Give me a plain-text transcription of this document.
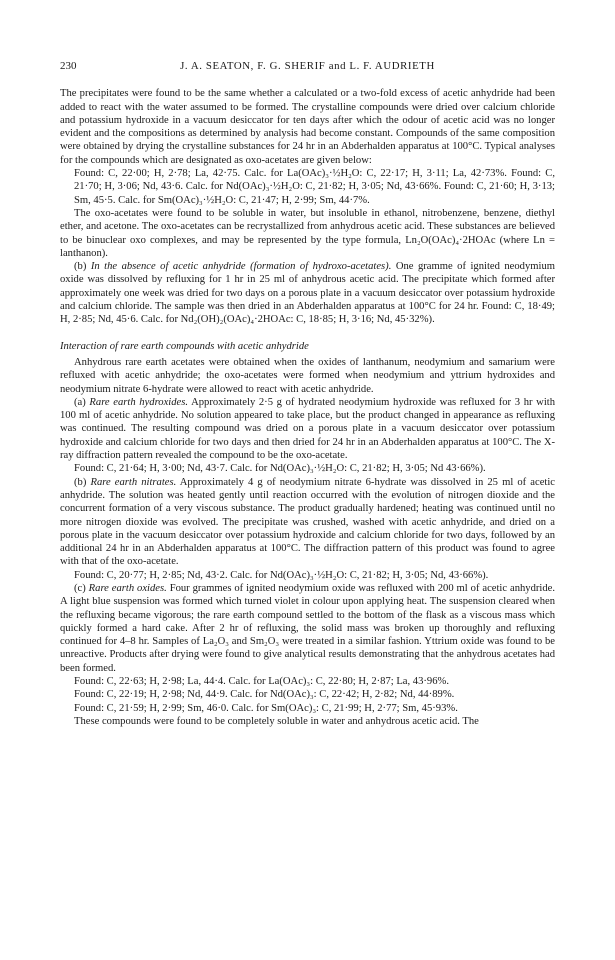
230	J. A. SEATON, F. G. SHERIF and L. F. AUDRIETH

The precipitates were found to be the same whether a calculated or a two-fold excess of acetic anhydride had been added to react with the water assumed to be formed. The crystalline compounds were dried over calcium chloride and potassium hydroxide in a vacuum desiccator for ten days after which the odour of acetic acid was no longer evident and the compositions as determined by analysis had become constant. Compounds of the same composition were obtained by drying the crystalline substances for 24 hr in an Abderhalden apparatus at 100°C. Typical analyses for the compounds which are designated as oxo-acetates are given below:

Found: C, 22·00; H, 2·78; La, 42·75. Calc. for La(OAc)₃·½H₂O: C, 22·17; H, 3·11; La, 42·73%. Found: C, 21·70; H, 3·06; Nd, 43·6. Calc. for Nd(OAc)₃·½H₂O: C, 21·82; H, 3·05; Nd, 43·66%. Found: C, 21·60; H, 3·13; Sm, 45·5. Calc. for Sm(OAc)₃·½H₂O: C, 21·47; H, 2·99; Sm, 44·7%.

The oxo-acetates were found to be soluble in water, but insoluble in ethanol, nitrobenzene, benzene, diethyl ether, and acetone. The oxo-acetates can be recrystallized from anhydrous acetic acid. These substances are believed to be binuclear oxo complexes, and may be represented by the type formula, Ln₂O(OAc)₄·2HOAc (where Ln = lanthanon).

(b) In the absence of acetic anhydride (formation of hydroxo-acetates). One gramme of ignited neodymium oxide was dissolved by refluxing for 1 hr in 25 ml of anhydrous acetic acid. The precipitate which formed after approximately one week was dried for two days on a porous plate in a vacuum desiccator over potassium hydroxide and calcium chloride. The sample was then dried in an Abderhalden apparatus at 100°C for 24 hr. Found: C, 18·49; H, 2·85; Nd, 45·6. Calc. for Nd₂(OH)₂(OAc)₄·2HOAc: C, 18·85; H, 3·16; Nd, 45·32%).

Interaction of rare earth compounds with acetic anhydride

Anhydrous rare earth acetates were obtained when the oxides of lanthanum, neodymium and samarium were refluxed with acetic anhydride; the oxo-acetates were formed when neodymium and yttrium hydroxides and neodymium nitrate 6-hydrate were allowed to react with acetic anhydride.

(a) Rare earth hydroxides. Approximately 2·5 g of hydrated neodymium hydroxide was refluxed for 3 hr with 100 ml of acetic anhydride. No solution appeared to take place, but the product changed in appearance as refluxing was continued. The resulting compound was dried on a porous plate in a vacuum desiccator over potassium hydroxide and calcium chloride for two days and then dried for 24 hr in an Abderhalden apparatus at 100°C. The X-ray diffraction pattern revealed the compound to be the oxo-acetate.

Found: C, 21·64; H, 3·00; Nd, 43·7. Calc. for Nd(OAc)₃·½H₂O: C, 21·82; H, 3·05; Nd 43·66%).

(b) Rare earth nitrates. Approximately 4 g of neodymium nitrate 6-hydrate was dissolved in 25 ml of acetic anhydride. The solution was heated gently until reaction occurred with the evolution of nitrogen dioxide and the concurrent formation of a very viscous substance. The product gradually hardened; heating was continued until no more nitrogen dioxide was evolved. The precipitate was crushed, washed with acetic anhydride, and dried on a porous plate in the vacuum desiccator over potassium hydroxide and calcium chloride for two days, followed by an additional 24 hr in an Abderhalden apparatus at 100°C. The diffraction pattern of this product was found to agree with that of the oxo-acetate.

Found: C, 20·77; H, 2·85; Nd, 43·2. Calc. for Nd(OAc)₃·½H₂O: C, 21·82; H, 3·05; Nd, 43·66%).

(c) Rare earth oxides. Four grammes of ignited neodymium oxide was refluxed with 200 ml of acetic anhydride. A light blue suspension was formed which turned violet in colour upon applying heat. The suspension cleared when the refluxing became vigorous; the rare earth compound settled to the bottom of the flask as a viscous mass which quickly formed a hard cake. After 2 hr of refluxing, the solid mass was broken up thoroughly and refluxing continued for 4–8 hr. Samples of La₂O₃ and Sm₂O₃ were treated in a similar fashion. Yttrium oxide was found to be unreactive. Products after drying were found to give analytical results demonstrating that the anhydrous acetates had been formed.

Found: C, 22·63; H, 2·98; La, 44·4. Calc. for La(OAc)₃: C, 22·80; H, 2·87; La, 43·96%.

Found: C, 22·19; H, 2·98; Nd, 44·9. Calc. for Nd(OAc)₃: C, 22·42; H, 2·82; Nd, 44·89%.

Found: C, 21·59; H, 2·99; Sm, 46·0. Calc. for Sm(OAc)₃: C, 21·99; H, 2·77; Sm, 45·93%.

These compounds were found to be completely soluble in water and anhydrous acetic acid. The
